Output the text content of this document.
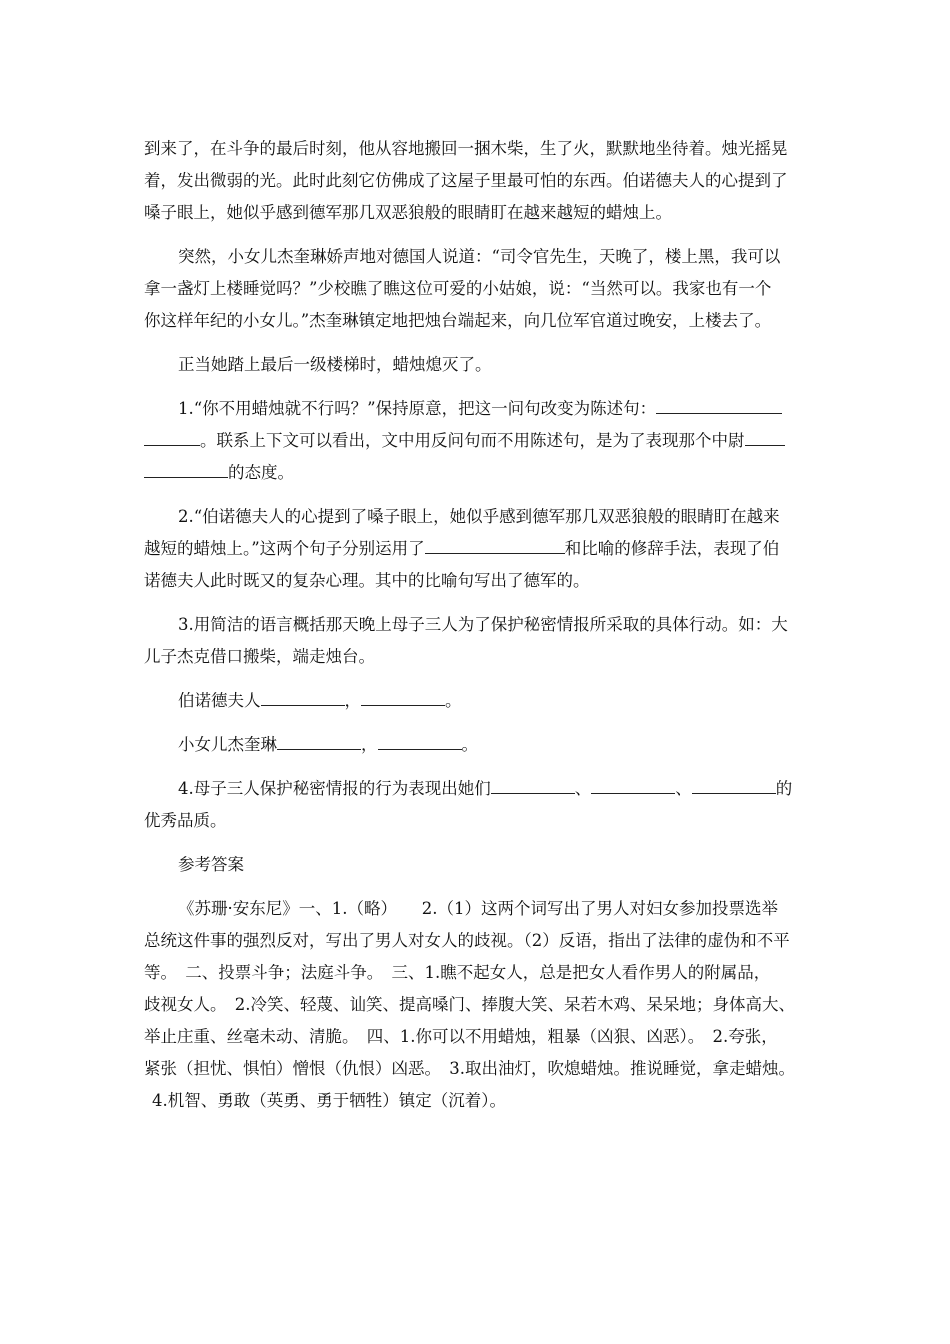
到来了，在斗争的最后时刻，他从容地搬回一捆木柴，生了火，默默地坐待着。烛光摇晃
着，发出微弱的光。此时此刻它仿佛成了这屋子里最可怕的东西。伯诺德夫人的心提到了
嗓子眼上，她似乎感到德军那几双恶狼般的眼睛盯在越来越短的蜡烛上。
突然，小女儿杰奎琳娇声地对德国人说道：“司令官先生，天晚了，楼上黑，我可以
拿一盏灯上楼睡觉吗？”少校瞧了瞧这位可爱的小姑娘，说：“当然可以。我家也有一个
你这样年纪的小女儿。”杰奎琳镇定地把烛台端起来，向几位军官道过晚安，上楼去了。
正当她踏上最后一级楼梯时，蜡烛熄灭了。
1.“你不用蜡烛就不行吗？”保持原意，把这一问句改变为陈述句：
。联系上下文可以看出，文中用反问句而不用陈述句，是为了表现那个中尉
的态度。
2.“伯诺德夫人的心提到了嗓子眼上，她似乎感到德军那几双恶狼般的眼睛盯在越来
越短的蜡烛上。”这两个句子分别运用了	和比喻的修辞手法，表现了伯
诺德夫人此时既又的复杂心理。其中的比喻句写出了德军的。
3.用简洁的语言概括那天晚上母子三人为了保护秘密情报所采取的具体行动。如：大
儿子杰克借口搬柴，端走烛台。
伯诺德夫人	，	。
小女儿杰奎琳	，	。
4.母子三人保护秘密情报的行为表现出她们	、	、	的
优秀品质。
参考答案
《苏珊·安东尼》一、1.（略）　　2.（1）这两个词写出了男人对妇女参加投票选举
总统这件事的强烈反对，写出了男人对女人的歧视。（2）反语，指出了法律的虚伪和不平
等。　二、投票斗争；法庭斗争。　三、1.瞧不起女人，总是把女人看作男人的附属品，
歧视女人。　2.冷笑、轻蔑、讪笑、提高嗓门、捧腹大笑、呆若木鸡、呆呆地；身体高大、
举止庄重、丝毫未动、清脆。　四、1.你可以不用蜡烛，粗暴（凶狠、凶恶）。　2.夸张，
紧张（担忧、惧怕）憎恨（仇恨）凶恶。　3.取出油灯，吹熄蜡烛。推说睡觉，拿走蜡烛。
4.机智、勇敢（英勇、勇于牺牲）镇定（沉着）。
